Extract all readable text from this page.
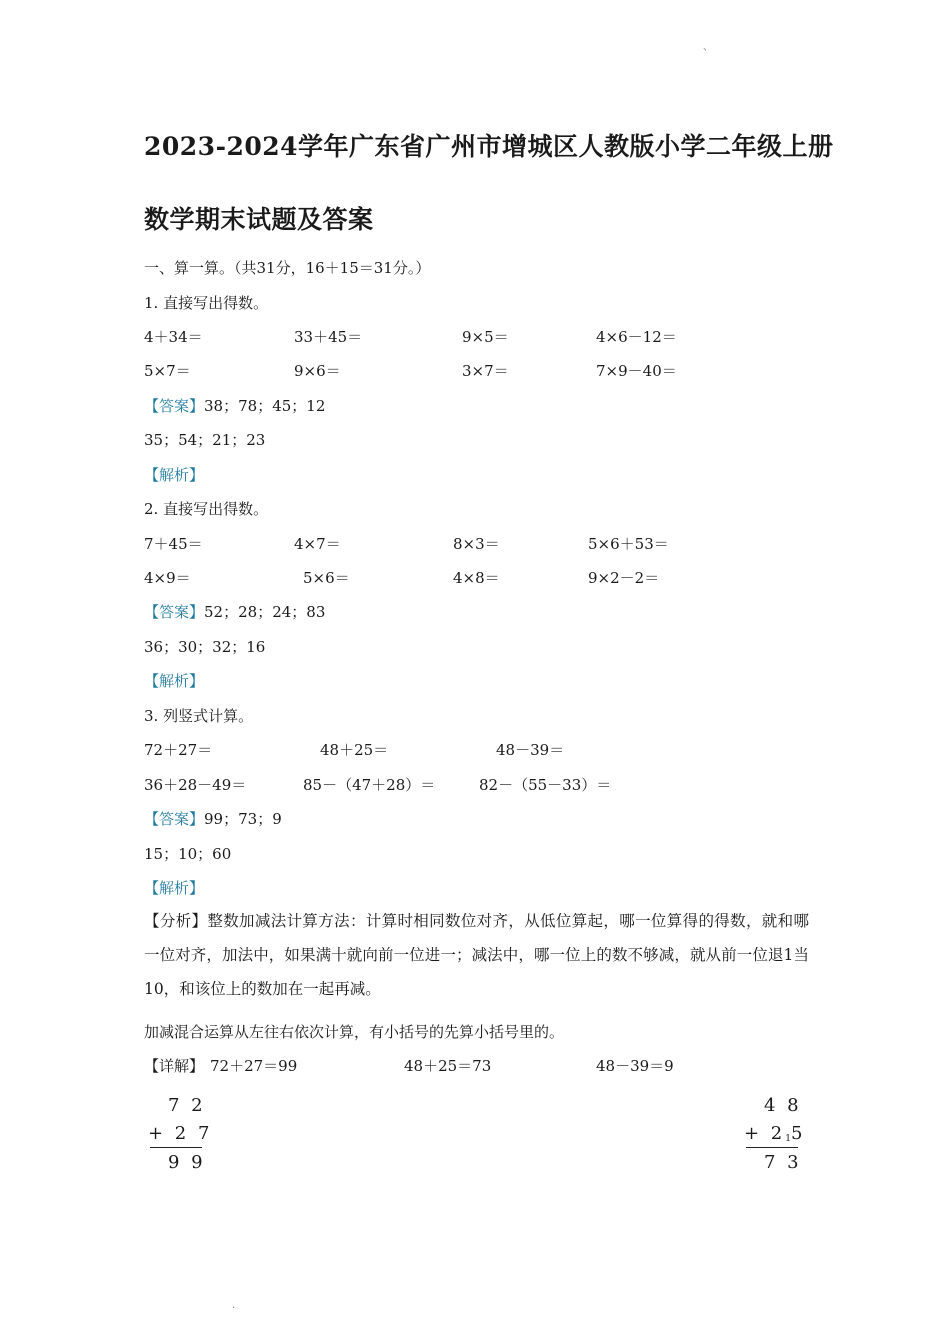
、
2023-2024学年广东省广州市增城区人教版小学二年级上册
数学期末试题及答案
一、算一算。（共31分，16＋15＝31分。）
1. 直接写出得数。
4＋34＝	33＋45＝	9×5＝	4×6－12＝
5×7＝	9×6＝	3×7＝	7×9－40＝
【答案】38；78；45；12
35；54；21；23
【解析】
2. 直接写出得数。
7＋45＝	4×7＝	8×3＝	5×6＋53＝
4×9＝	5×6＝	4×8＝	9×2－2＝
【答案】52；28；24；83
36；30；32；16
【解析】
3. 列竖式计算。
72＋27＝	48＋25＝	48－39＝
36＋28－49＝	85－（47＋28）＝	82－（55－33）＝
【答案】99；73；9
15；10；60
【解析】
【分析】整数加减法计算方法：计算时相同数位对齐，从低位算起，哪一位算得的得数，就和哪一位对齐，加法中，如果满十就向前一位进一；减法中，哪一位上的数不够减，就从前一位退1当10，和该位上的数加在一起再减。
加减混合运算从左往右依次计算，有小括号的先算小括号里的。
【详解】 72＋27＝99	48＋25＝73	48－39＝9
7 2
+ 2 7
9 9
4 8
+ 215
7 3
.
